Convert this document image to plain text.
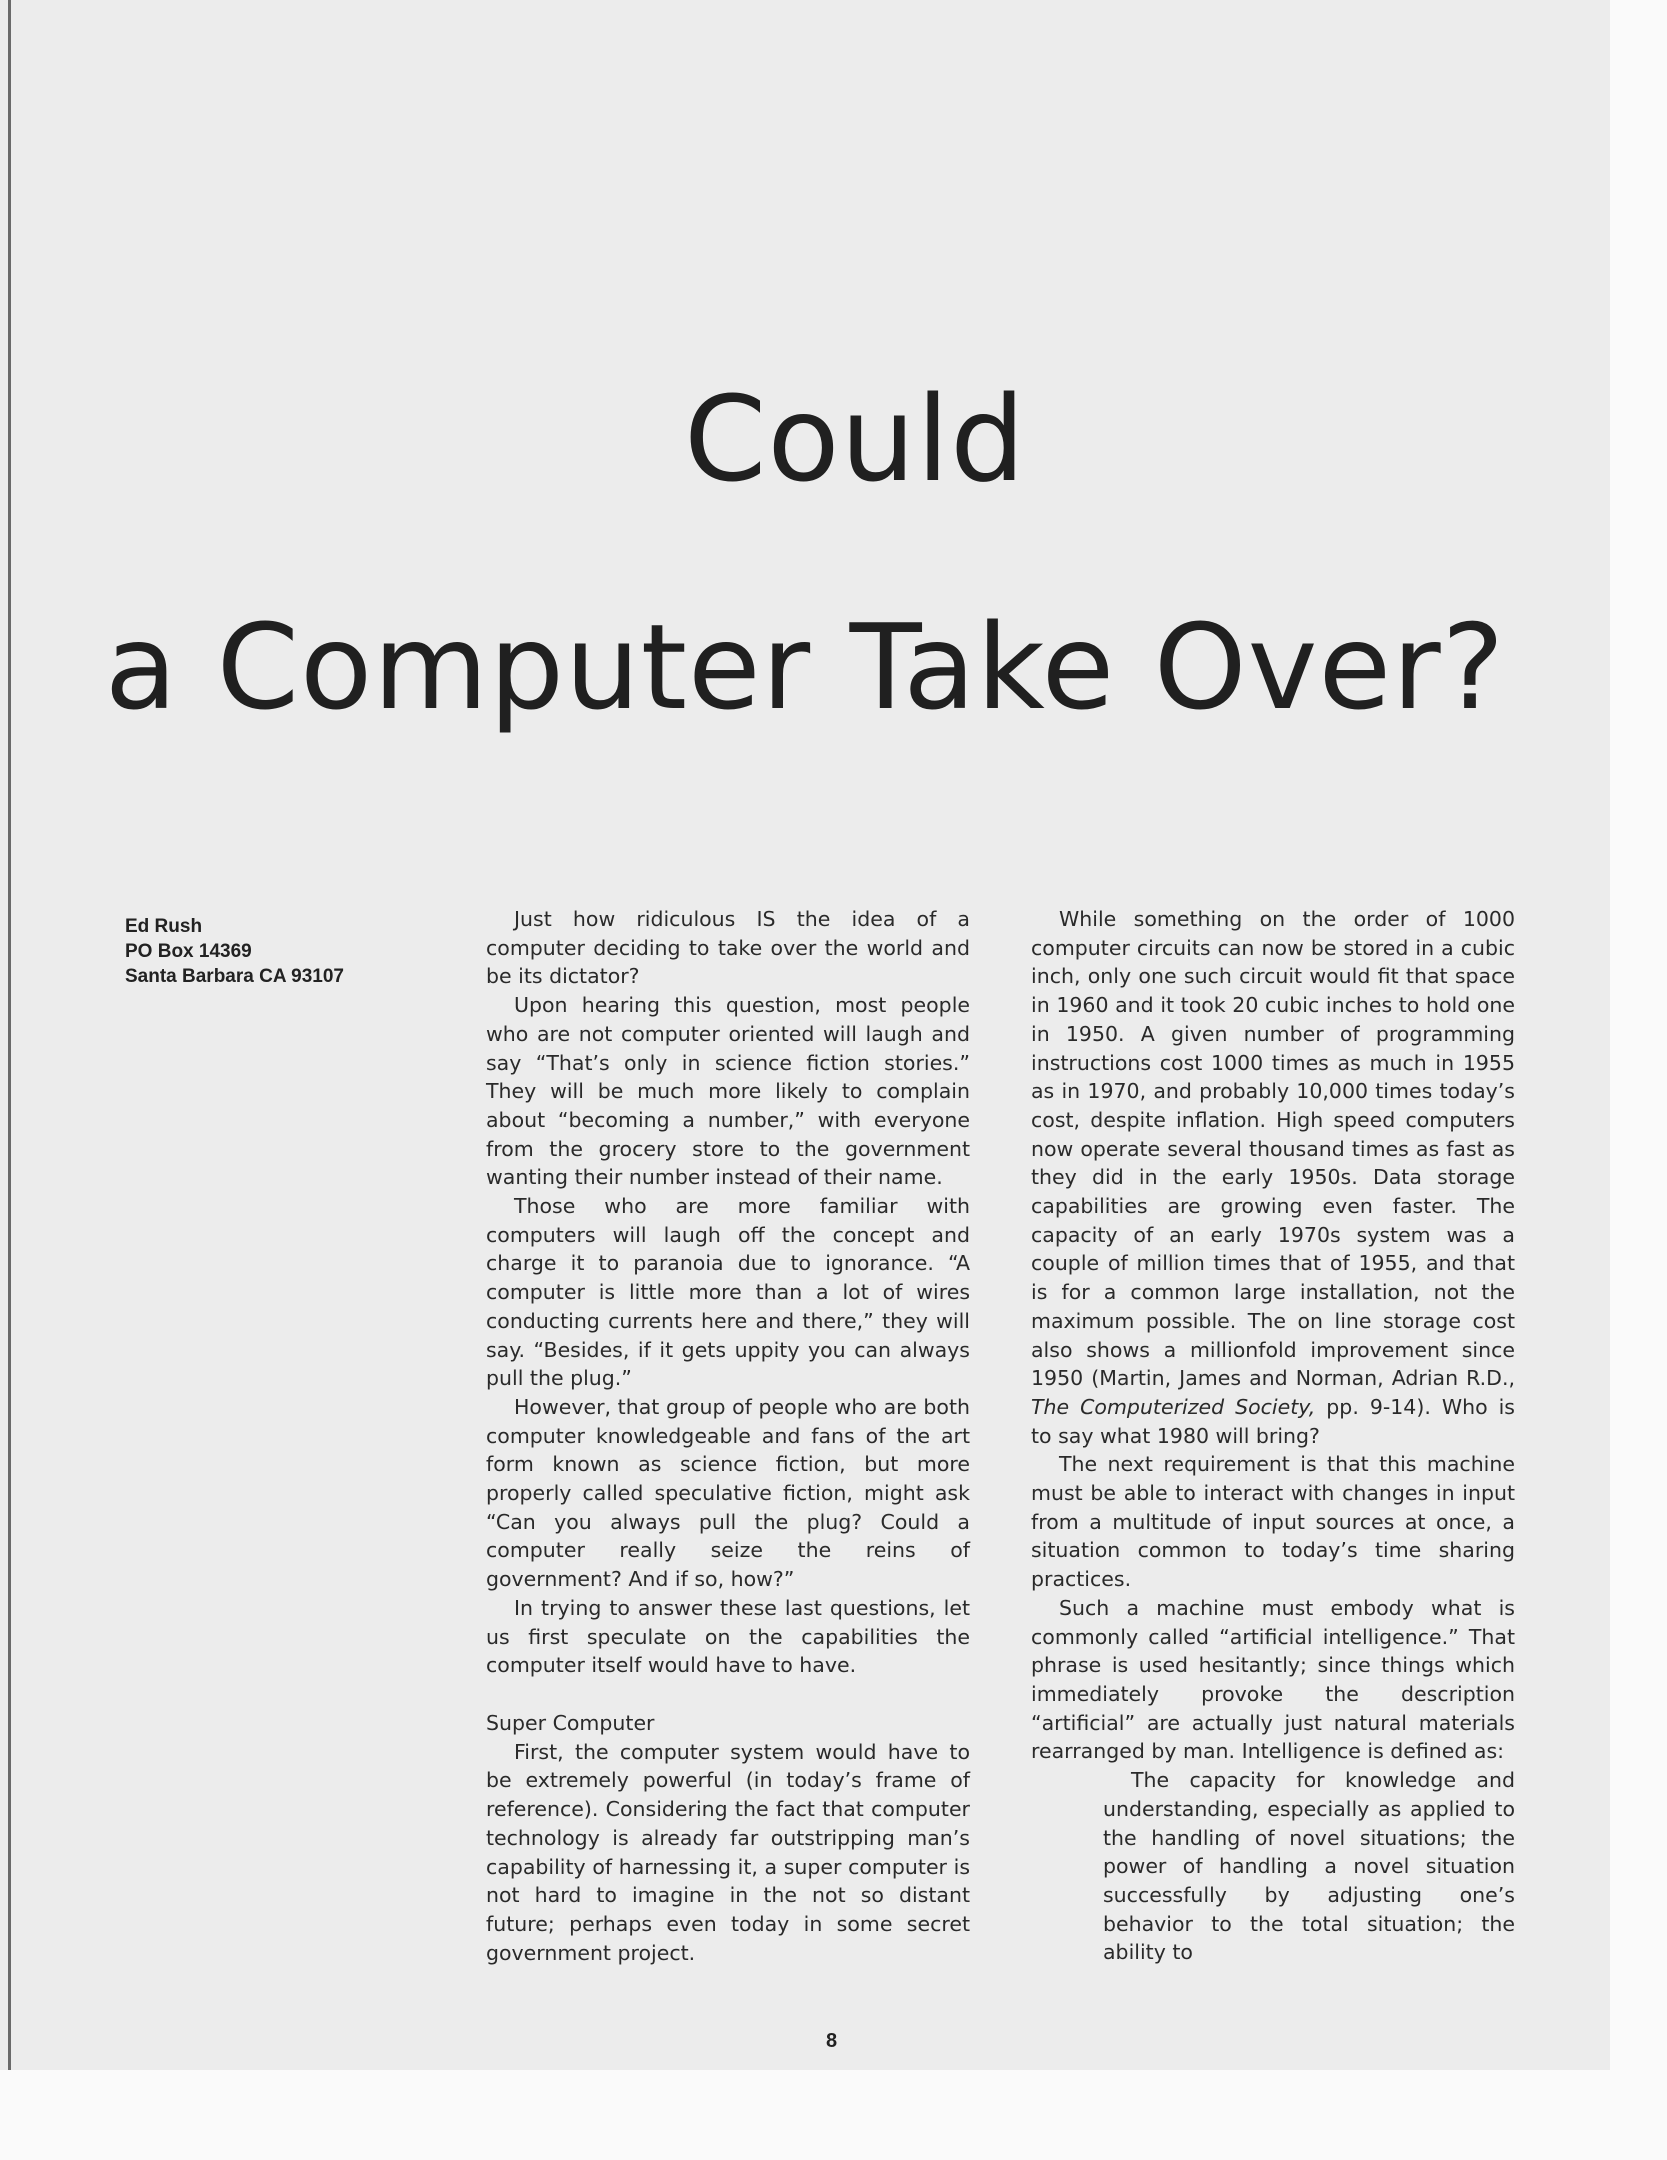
Could
a Computer Take Over?
Ed Rush
PO Box 14369
Santa Barbara CA 93107

Just how ridiculous IS the idea of a computer deciding to take over the world and be its dictator?

Upon hearing this question, most people who are not computer oriented will laugh and say “That’s only in science fiction stories.” They will be much more likely to complain about “becoming a number,” with everyone from the grocery store to the government wanting their number instead of their name.

Those who are more familiar with computers will laugh off the concept and charge it to paranoia due to ignorance. “A computer is little more than a lot of wires conducting currents here and there,” they will say. “Besides, if it gets uppity you can always pull the plug.”

However, that group of people who are both computer knowledgeable and fans of the art form known as science fiction, but more properly called speculative fiction, might ask “Can you always pull the plug? Could a computer really seize the reins of government? And if so, how?”

In trying to answer these last questions, let us first speculate on the capabilities the computer itself would have to have.

Super Computer

First, the computer system would have to be extremely powerful (in today’s frame of reference). Considering the fact that computer technology is already far outstripping man’s capability of harnessing it, a super computer is not hard to imagine in the not so distant future; perhaps even today in some secret government project.

While something on the order of 1000 computer circuits can now be stored in a cubic inch, only one such circuit would fit that space in 1960 and it took 20 cubic inches to hold one in 1950. A given number of programming instructions cost 1000 times as much in 1955 as in 1970, and probably 10,000 times today’s cost, despite inflation. High speed computers now operate several thousand times as fast as they did in the early 1950s. Data storage capabilities are growing even faster. The capacity of an early 1970s system was a couple of million times that of 1955, and that is for a common large installation, not the maximum possible. The on line storage cost also shows a millionfold improvement since 1950 (Martin, James and Norman, Adrian R.D., The Computerized Society, pp. 9-14). Who is to say what 1980 will bring?

The next requirement is that this machine must be able to interact with changes in input from a multitude of input sources at once, a situation common to today’s time sharing practices.

Such a machine must embody what is commonly called “artificial intelligence.” That phrase is used hesitantly; since things which immediately provoke the description “artificial” are actually just natural materials rearranged by man. Intelligence is defined as:

The capacity for knowledge and understanding, especially as applied to the handling of novel situations; the power of handling a novel situation successfully by adjusting one’s behavior to the total situation; the ability to
8
